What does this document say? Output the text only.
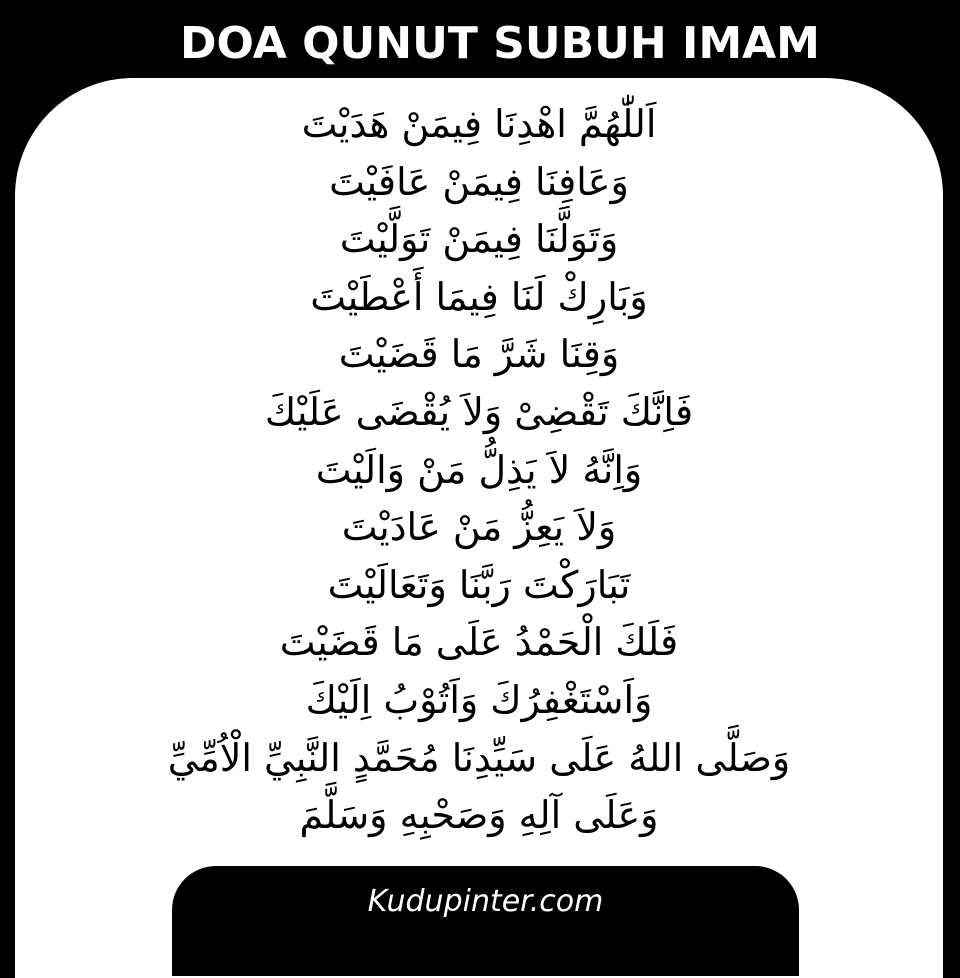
DOA QUNUT SUBUH IMAM
اَللّٰهُمَّ اهْدِنَا فِيمَنْ هَدَيْتَ
وَعَافِنَا فِيمَنْ عَافَيْتَ
وَتَوَلَّنَا فِيمَنْ تَوَلَّيْتَ
وَبَارِكْ لَنَا فِيمَا أَعْطَيْتَ
وَقِنَا شَرَّ مَا قَضَيْتَ
فَاِنَّكَ تَقْضِىْ وَلاَ يُقْضَى عَلَيْكَ
وَاِنَّهُ لاَ يَذِلُّ مَنْ وَالَيْتَ
وَلاَ يَعِزُّ مَنْ عَادَيْتَ
تَبَارَكْتَ رَبَّنَا وَتَعَالَيْتَ
فَلَكَ الْحَمْدُ عَلَى مَا قَضَيْتَ
وَاَسْتَغْفِرُكَ وَاَتُوْبُ اِلَيْكَ
وَصَلَّى اللهُ عَلَى سَيِّدِنَا مُحَمَّدٍ النَّبِيِّ الْاُمِّيِّ
وَعَلَى آلِهِ وَصَحْبِهِ وَسَلَّمَ
Kudupinter.com
